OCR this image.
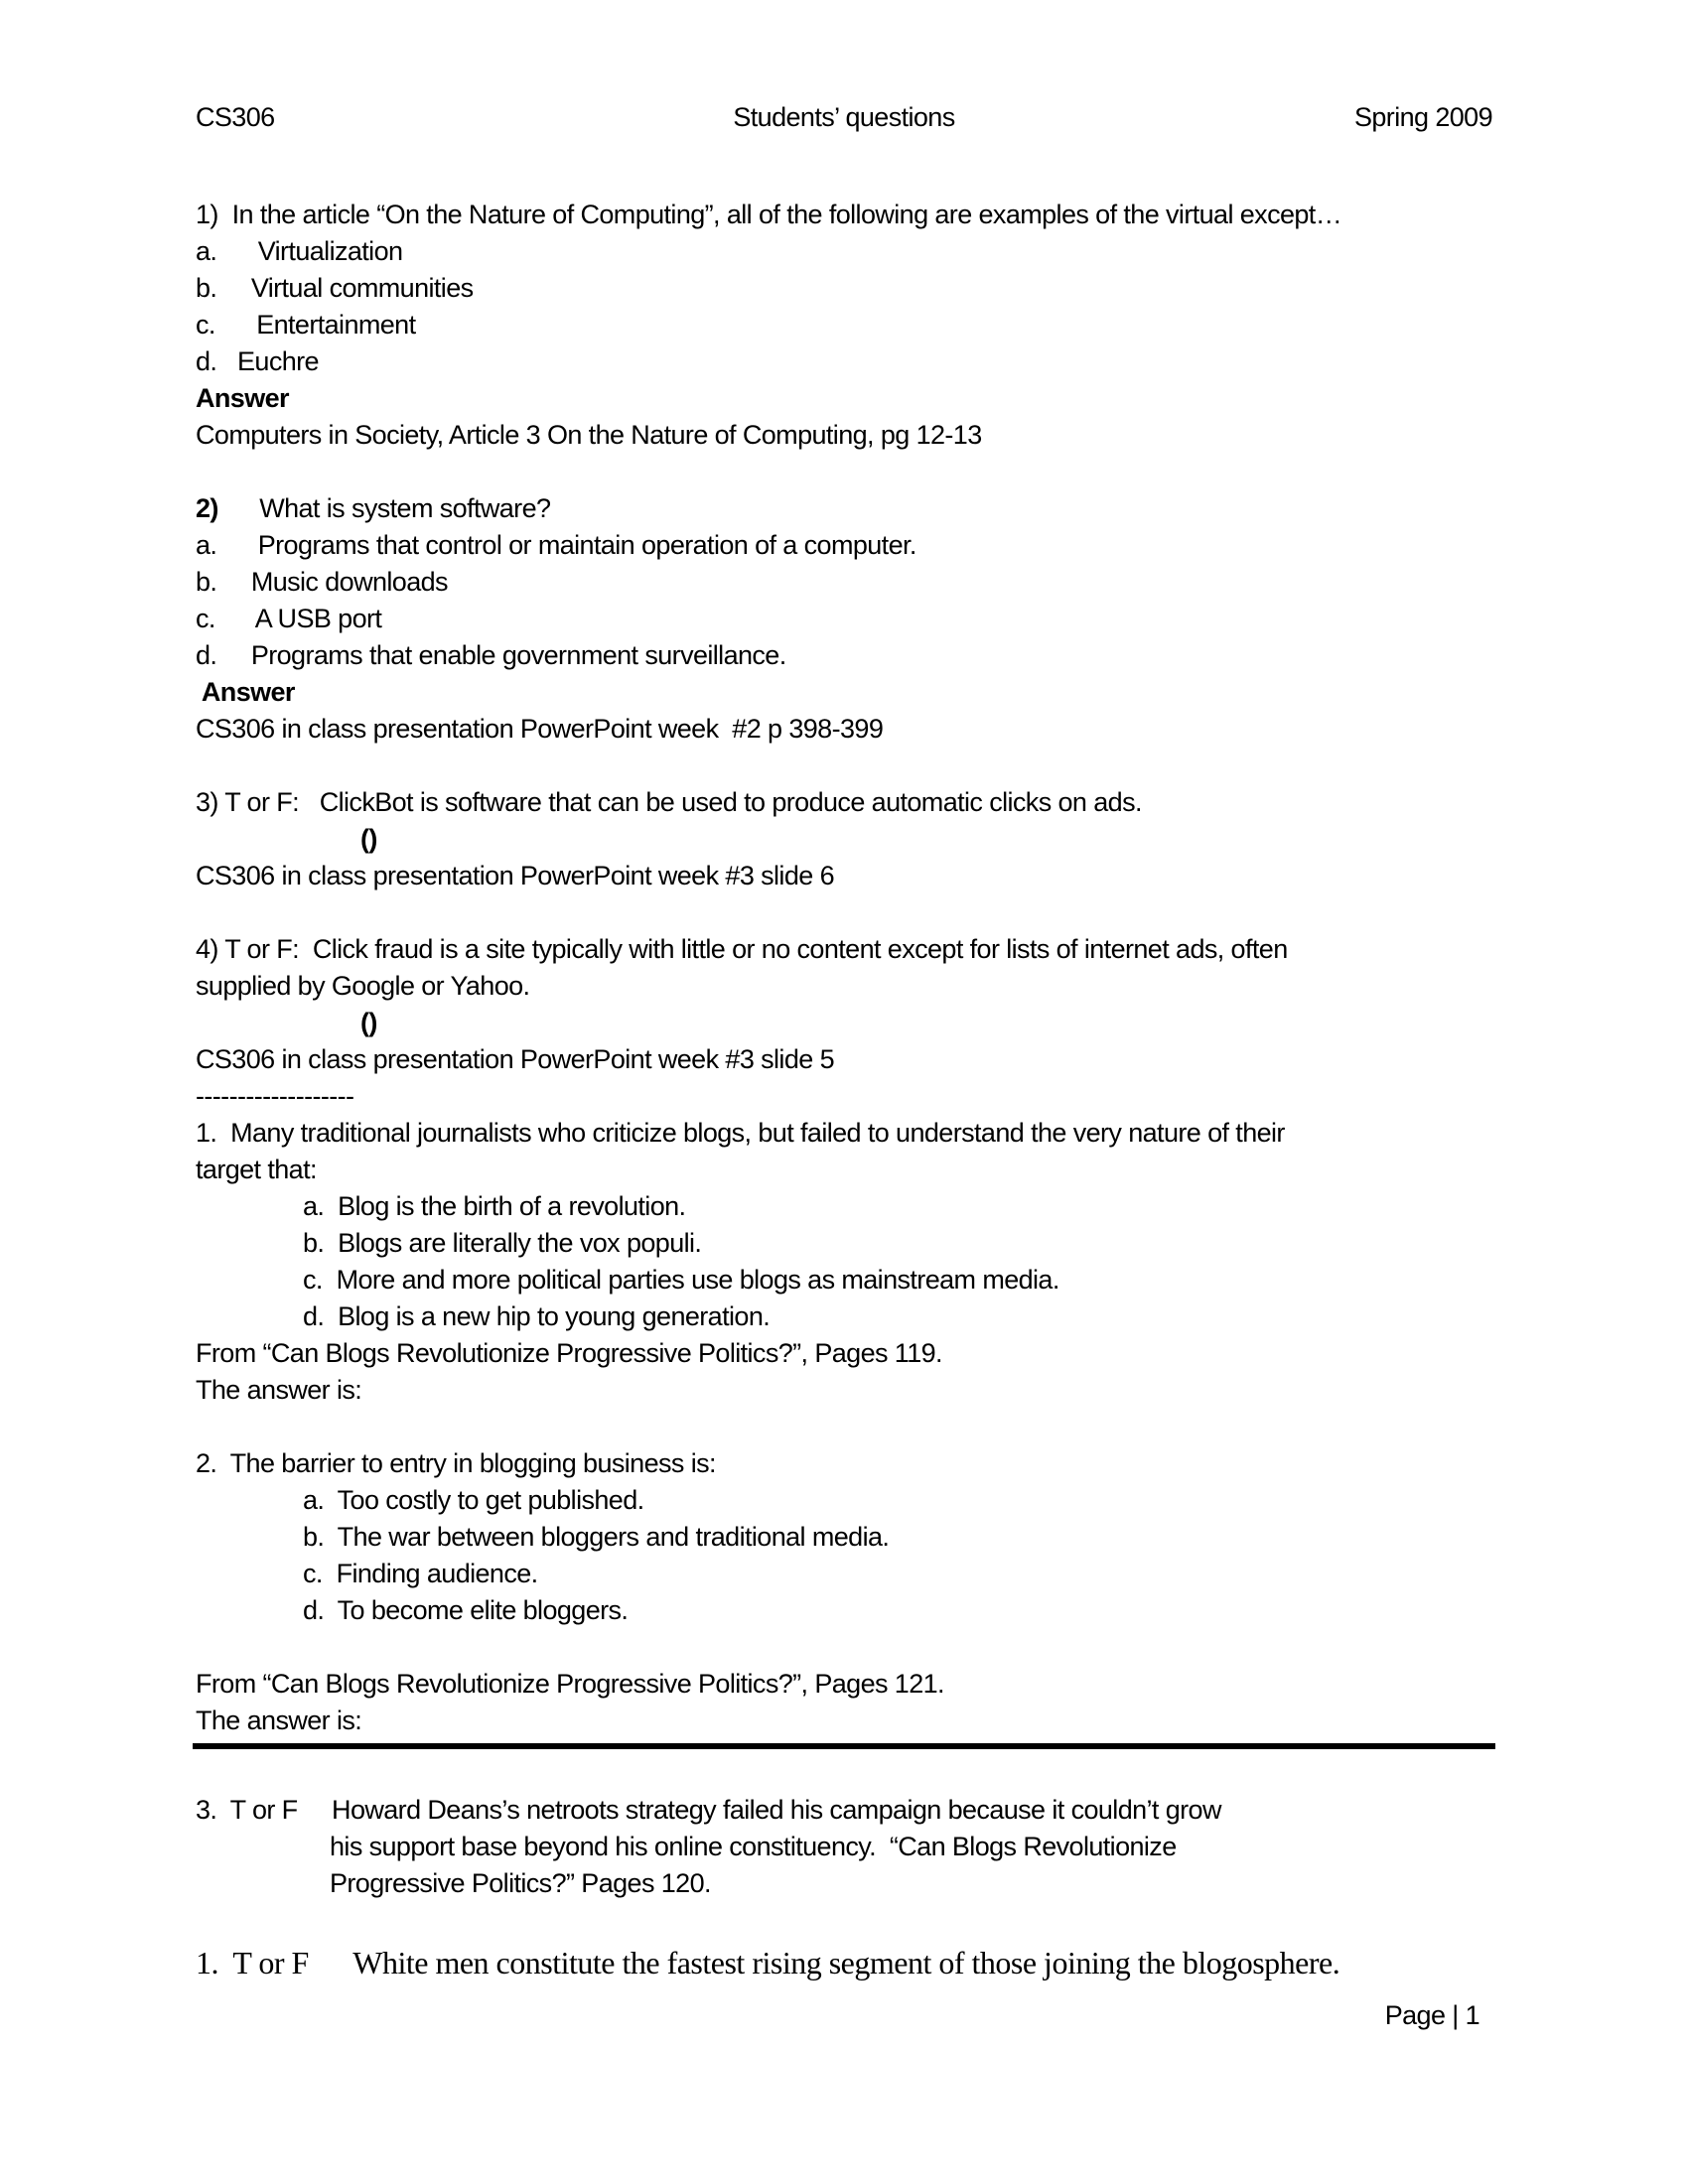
CS306	Students’ questions	Spring 2009
1)  In the article “On the Nature of Computing”, all of the following are examples of the virtual except…
a.      Virtualization
b.     Virtual communities
c.      Entertainment
d.   Euchre
Answer
Computers in Society, Article 3 On the Nature of Computing, pg 12-13
2)      What is system software?
a.      Programs that control or maintain operation of a computer.
b.     Music downloads
c.      A USB port
d.     Programs that enable government surveillance.
Answer
CS306 in class presentation PowerPoint week  #2 p 398-399
3) T or F:   ClickBot is software that can be used to produce automatic clicks on ads.
()
CS306 in class presentation PowerPoint week #3 slide 6
4) T or F:  Click fraud is a site typically with little or no content except for lists of internet ads, often
supplied by Google or Yahoo.
()
CS306 in class presentation PowerPoint week #3 slide 5
-------------------
1.  Many traditional journalists who criticize blogs, but failed to understand the very nature of their
target that:
a.  Blog is the birth of a revolution.
b.  Blogs are literally the vox populi.
c.  More and more political parties use blogs as mainstream media.
d.  Blog is a new hip to young generation.
From “Can Blogs Revolutionize Progressive Politics?”, Pages 119.
The answer is:
2.  The barrier to entry in blogging business is:
a.  Too costly to get published.
b.  The war between bloggers and traditional media.
c.  Finding audience.
d.  To become elite bloggers.
From “Can Blogs Revolutionize Progressive Politics?”, Pages 121.
The answer is:
3.  T or F     Howard Deans’s netroots strategy failed his campaign because it couldn’t grow
his support base beyond his online constituency.  “Can Blogs Revolutionize
Progressive Politics?” Pages 120.
1.  T or F      White men constitute the fastest rising segment of those joining the blogosphere.
Page | 1
